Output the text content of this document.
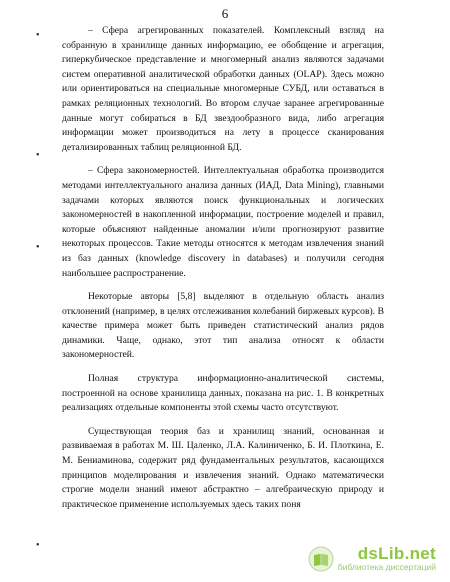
6
•
•
•
•

– Сфера агрегированных показателей. Комплексный взгляд на собранную в хранилище данных информацию, ее обобщение и агрегация, гиперкубическое представление и многомерный анализ являются задачами систем оперативной аналитической обработки данных (OLAP). Здесь можно или ориентироваться на специальные многомерные СУБД, или оставаться в рамках реляционных технологий. Во втором случае заранее агрегированные данные могут собираться в БД звездообразного вида, либо агрегация информации может производиться на лету в процессе сканирования детализированных таблиц реляционной БД.

– Сфера закономерностей. Интеллектуальная обработка производится методами интеллектуального анализа данных (ИАД, Data Mining), главными задачами которых являются поиск функциональных и логических закономерностей в накопленной информации, построение моделей и правил, которые объясняют найденные аномалии и/или прогнозируют развитие некоторых процессов. Такие методы относятся к методам извлечения знаний из баз данных (knowledge discovery in databases) и получили сегодня наибольшее распространение.

Некоторые авторы [5,8] выделяют в отдельную область анализ отклонений (например, в целях отслеживания колебаний биржевых курсов). В качестве примера может быть приведен статистический анализ рядов динамики. Чаще, однако, этот тип анализа относят к области закономерностей.

Полная структура информационно-аналитической системы, построенной на основе хранилища данных, показана на рис. 1. В конкретных реализациях отдельные компоненты этой схемы часто отсутствуют.

Существующая теория баз и хранилищ знаний, основанная и развиваемая в работах М. Ш. Цаленко, Л.А. Калиниченко, Б. И. Плоткина, Е. М. Бениаминова, содержит ряд фундаментальных результатов, касающихся принципов моделирования и извлечения знаний. Однако математически строгие модели знаний имеют абстрактно – алгебраическую природу и практическое применение используемых здесь таких поня

dsLib.net
библиотека диссертаций
